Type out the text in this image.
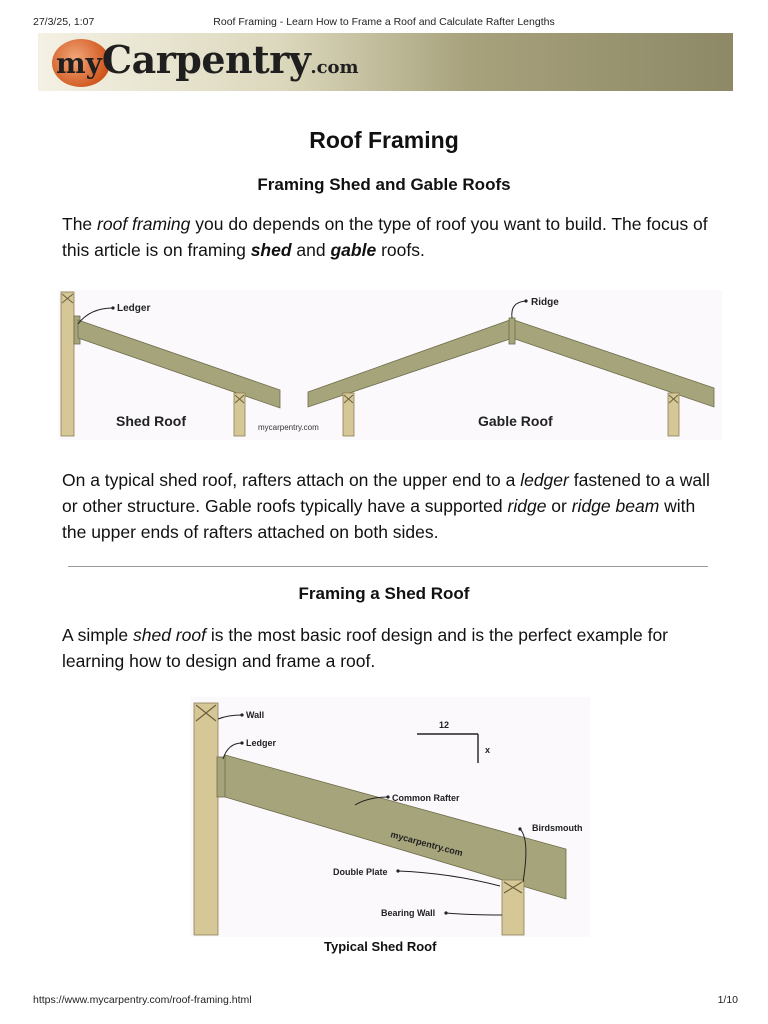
27/3/25, 1:07	Roof Framing - Learn How to Frame a Roof and Calculate Rafter Lengths
myCarpentry.com
Roof Framing
Framing Shed and Gable Roofs

The roof framing you do depends on the type of roof you want to build. The focus of this article is on framing shed and gable roofs.

Ledger
Ridge
Shed Roof	Gable Roof
mycarpentry.com

On a typical shed roof, rafters attach on the upper end to a ledger fastened to a wall or other structure. Gable roofs typically have a supported ridge or ridge beam with the upper ends of rafters attached on both sides.

Framing a Shed Roof

A simple shed roof is the most basic roof design and is the perfect example for learning how to design and frame a roof.

12
x
Wall
Ledger
Common Rafter
Birdsmouth
mycarpentry.com
Double Plate
Bearing Wall
Typical Shed Roof
https://www.mycarpentry.com/roof-framing.html	1/10
